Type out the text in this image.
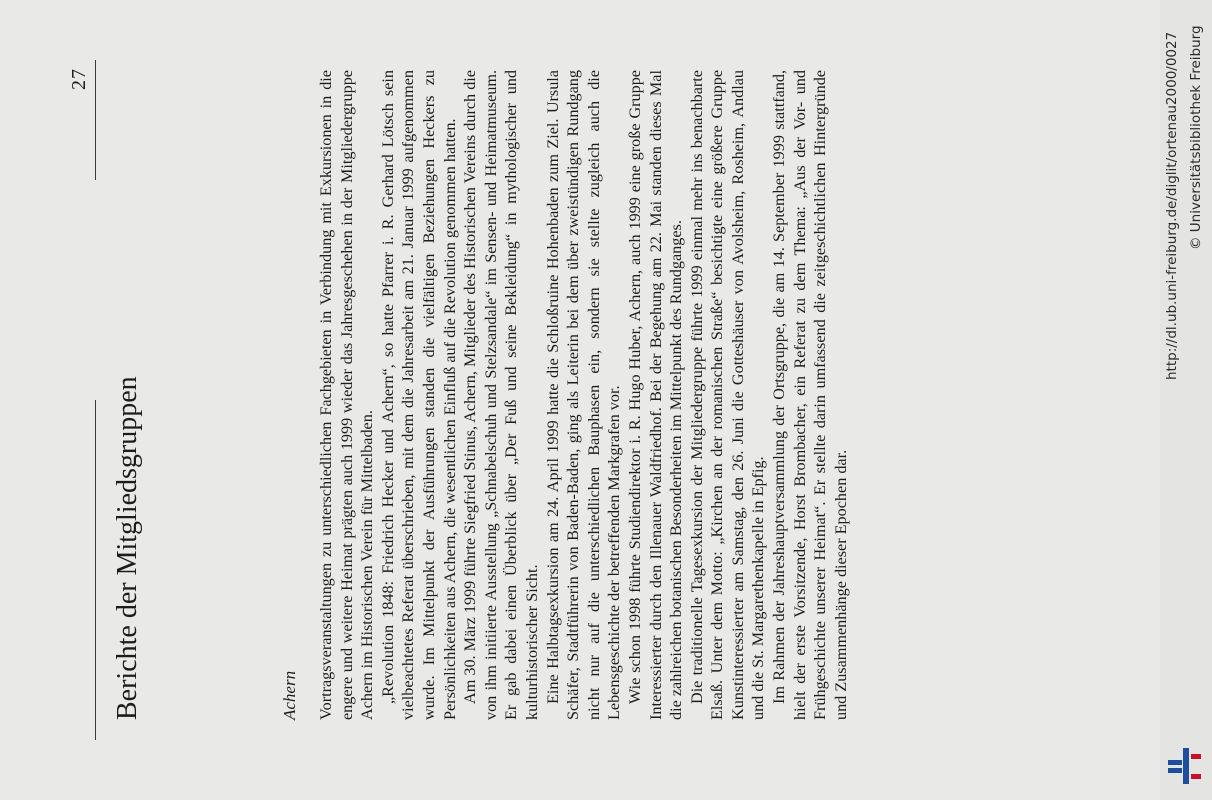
27
Berichte der Mitgliedsgruppen	Achern Vortragsveranstaltungen zu unterschiedlichen Fachgebieten in Verbindung mit Exkursionen in die engere und weitere Heimat prägten auch 1999 wieder das Jahresgeschehen in der Mitgliedergruppe Achern im Historischen Verein für Mittelbaden. „Revolution 1848: Friedrich Hecker und Achern“, so hatte Pfarrer i. R. Gerhard Lötsch sein vielbeachtetes Referat überschrieben, mit dem die Jahresarbeit am 21. Januar 1999 aufgenommen wurde. Im Mittelpunkt der Ausführungen standen die vielfältigen Beziehungen Heckers zu Persönlichkeiten aus Achern, die wesentlichen Einfluß auf die Revolution genommen hatten. Am 30. März 1999 führte Siegfried Stinus, Achern, Mitglieder des Historischen Vereins durch die von ihm initiierte Ausstellung „Schnabelschuh und Stelzsandale“ im Sensen- und Heimatmuseum. Er gab dabei einen Überblick über „Der Fuß und seine Bekleidung“ in mythologischer und kulturhistorischer Sicht. Eine Halbtagsexkursion am 24. April 1999 hatte die Schloßruine Hohenbaden zum Ziel. Ursula Schäfer, Stadtführerin von Baden-Baden, ging als Leiterin bei dem über zweistündigen Rundgang nicht nur auf die unterschiedlichen Bauphasen ein, sondern sie stellte zugleich auch die Lebensgeschichte der betreffenden Markgrafen vor. Wie schon 1998 führte Studiendirektor i. R. Hugo Huber, Achern, auch 1999 eine große Gruppe Interessierter durch den Illenauer Waldfriedhof. Bei der Begehung am 22. Mai standen dieses Mal die zahlreichen botanischen Besonderheiten im Mittelpunkt des Rundganges. Die traditionelle Tagesexkursion der Mitgliedergruppe führte 1999 einmal mehr ins benachbarte Elsaß. Unter dem Motto: „Kirchen an der romanischen Straße“ besichtigte eine größere Gruppe Kunstinteressierter am Samstag, den 26. Juni die Gotteshäuser von Avolsheim, Rosheim, Andlau und die St. Margarethenkapelle in Epfig. Im Rahmen der Jahreshauptversammlung der Ortsgruppe, die am 14. September 1999 stattfand, hielt der erste Vorsitzende, Horst Brombacher, ein Referat zu dem Thema: „Aus der Vor- und Frühgeschichte unserer Heimat“. Er stellte darin umfassend die zeitgeschichtlichen Hintergründe und Zusammenhänge dieser Epochen dar.

http://dl.ub.uni-freiburg.de/diglit/ortenau2000/0027 © Universitätsbibliothek Freiburg
